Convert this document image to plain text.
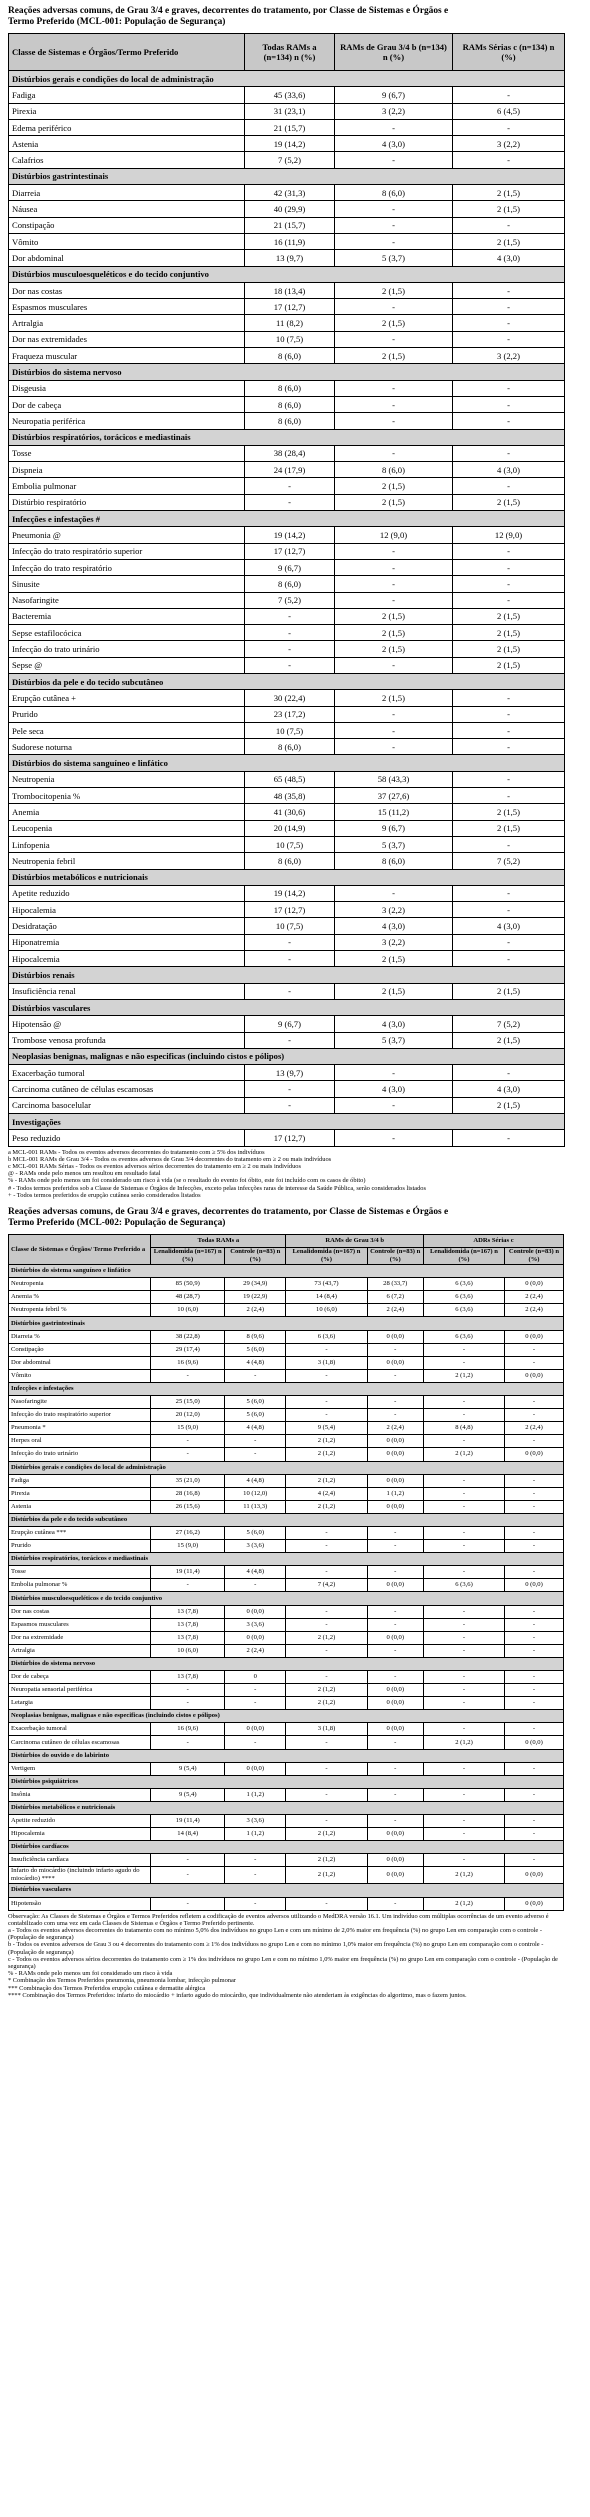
Reações adversas comuns, de Grau 3/4 e graves, decorrentes do tratamento, por Classe de Sistemas e Órgãos e
Termo Preferido (MCL-001: População de Segurança)
Classe de Sistemas e Órgãos/Termo Preferido	Todas RAMs a (n=134) n (%)	RAMs de Grau 3/4 b (n=134) n (%)	RAMs Sérias c (n=134) n (%)
Distúrbios gerais e condições do local de administração			
Fadiga	45 (33,6)	9 (6,7)	-
Pirexia	31 (23,1)	3 (2,2)	6 (4,5)
Edema periférico	21 (15,7)	-	-
Astenia	19 (14,2)	4 (3,0)	3 (2,2)
Calafrios	7 (5,2)	-	-
Distúrbios gastrintestinais			
Diarreia	42 (31,3)	8 (6,0)	2 (1,5)
Náusea	40 (29,9)	-	2 (1,5)
Constipação	21 (15,7)	-	-
Vômito	16 (11,9)	-	2 (1,5)
Dor abdominal	13 (9,7)	5 (3,7)	4 (3,0)
Distúrbios musculoesqueléticos e do tecido conjuntivo			
Dor nas costas	18 (13,4)	2 (1,5)	-
Espasmos musculares	17 (12,7)	-	-
Artralgia	11 (8,2)	2 (1,5)	-
Dor nas extremidades	10 (7,5)	-	-
Fraqueza muscular	8 (6,0)	2 (1,5)	3 (2,2)
Distúrbios do sistema nervoso			
Disgeusia	8 (6,0)	-	-
Dor de cabeça	8 (6,0)	-	-
Neuropatia periférica	8 (6,0)	-	-
Distúrbios respiratórios, torácicos e mediastinais			
Tosse	38 (28,4)	-	-
Dispneia	24 (17,9)	8 (6,0)	4 (3,0)
Embolia pulmonar	-	2 (1,5)	-
Distúrbio respiratório	-	2 (1,5)	2 (1,5)
Infecções e infestações #			
Pneumonia @	19 (14,2)	12 (9,0)	12 (9,0)
Infecção do trato respiratório superior	17 (12,7)	-	-
Infecção do trato respiratório	9 (6,7)	-	-
Sinusite	8 (6,0)	-	-
Nasofaringite	7 (5,2)	-	-
Bacteremia	-	2 (1,5)	2 (1,5)
Sepse estafilocócica	-	2 (1,5)	2 (1,5)
Infecção do trato urinário	-	2 (1,5)	2 (1,5)
Sepse @	-	-	2 (1,5)
Distúrbios da pele e do tecido subcutâneo			
Erupção cutânea +	30 (22,4)	2 (1,5)	-
Prurido	23 (17,2)	-	-
Pele seca	10 (7,5)	-	-
Sudorese noturna	8 (6,0)	-	-
Distúrbios do sistema sanguíneo e linfático			
Neutropenia	65 (48,5)	58 (43,3)	-
Trombocitopenia %	48 (35,8)	37 (27,6)	-
Anemia	41 (30,6)	15 (11,2)	2 (1,5)
Leucopenia	20 (14,9)	9 (6,7)	2 (1,5)
Linfopenia	10 (7,5)	5 (3,7)	-
Neutropenia febril	8 (6,0)	8 (6,0)	7 (5,2)
Distúrbios metabólicos e nutricionais			
Apetite reduzido	19 (14,2)	-	-
Hipocalemia	17 (12,7)	3 (2,2)	-
Desidratação	10 (7,5)	4 (3,0)	4 (3,0)
Hiponatremia	-	3 (2,2)	-
Hipocalcemia	-	2 (1,5)	-
Distúrbios renais			
Insuficiência renal	-	2 (1,5)	2 (1,5)
Distúrbios vasculares			
Hipotensão @	9 (6,7)	4 (3,0)	7 (5,2)
Trombose venosa profunda	-	5 (3,7)	2 (1,5)
Neoplasias benignas, malignas e não especificas (incluindo cistos e pólipos)			
Exacerbação tumoral	13 (9,7)	-	-
Carcinoma cutâneo de células escamosas	-	4 (3,0)	4 (3,0)
Carcinoma basocelular	-	-	2 (1,5)
Investigações			
Peso reduzido	17 (12,7)	-	-
a MCL-001 RAMs - Todos os eventos adversos decorrentes do tratamento com ≥ 5% dos indivíduos
b MCL-001 RAMs de Grau 3/4 - Todos os eventos adversos de Grau 3/4 decorrentes do tratamento em ≥ 2 ou mais indivíduos
c MCL-001 RAMs Sérias - Todos os eventos adversos sérios decorrentes do tratamento em ≥ 2 ou mais indivíduos
@ - RAMs onde pelo menos um resultou em resultado fatal
% - RAMs onde pelo menos um foi considerado um risco à vida (se o resultado do evento foi óbito, este foi incluído com os casos de óbito)
# - Todos termos preferidos sob a Classe de Sistemas e Órgãos de Infecções, exceto pelas infecções raras de interesse da Saúde Pública, serão considerados listados
+ - Todos termos preferidos de erupção cutânea serão considerados listados
Reações adversas comuns, de Grau 3/4 e graves, decorrentes do tratamento, por Classe de Sistemas e Órgãos e
Termo Preferido (MCL-002: População de Segurança)
Classe de Sistemas e Órgãos/ Termo Preferido a	Todas RAMs a		RAMs de Grau 3/4 b		ADRs Sérias c	
	Lenalidomida (n=167) n (%)	Controle (n=83) n (%)	Lenalidomida (n=167) n (%)	Controle (n=83) n (%)	Lenalidomida (n=167) n (%)	Controle (n=83) n (%)
Distúrbios do sistema sanguíneo e linfático						
Neutropenia	85 (50,9)	29 (34,9)	73 (43,7)	28 (33,7)	6 (3,6)	0 (0,0)
Anemia %	48 (28,7)	19 (22,9)	14 (8,4)	6 (7,2)	6 (3,6)	2 (2,4)
Neutropenia febril %	10 (6,0)	2 (2,4)	10 (6,0)	2 (2,4)	6 (3,6)	2 (2,4)
Distúrbios gastrintestinais						
Diarreia %	38 (22,8)	8 (9,6)	6 (3,6)	0 (0,0)	6 (3,6)	0 (0,0)
Constipação	29 (17,4)	5 (6,0)	-	-	-	-
Dor abdominal	16 (9,6)	4 (4,8)	3 (1,8)	0 (0,0)	-	-
Vômito	-	-	-	-	2 (1,2)	0 (0,0)
Infecções e infestações						
Nasofaringite	25 (15,0)	5 (6,0)	-	-	-	-
Infecção do trato respiratório superior	20 (12,0)	5 (6,0)	-	-	-	-
Pneumonia *	15 (9,0)	4 (4,8)	9 (5,4)	2 (2,4)	8 (4,8)	2 (2,4)
Herpes oral	-	-	2 (1,2)	0 (0,0)	-	-
Infecção do trato urinário	-	-	2 (1,2)	0 (0,0)	2 (1,2)	0 (0,0)
Distúrbios gerais e condições do local de administração						
Fadiga	35 (21,0)	4 (4,8)	2 (1,2)	0 (0,0)	-	-
Pirexia	28 (16,8)	10 (12,0)	4 (2,4)	1 (1,2)	-	-
Astenia	26 (15,6)	11 (13,3)	2 (1,2)	0 (0,0)	-	-
Distúrbios da pele e do tecido subcutâneo						
Erupção cutânea ***	27 (16,2)	5 (6,0)	-	-	-	-
Prurido	15 (9,0)	3 (3,6)	-	-	-	-
Distúrbios respiratórios, torácicos e mediastinais						
Tosse	19 (11,4)	4 (4,8)	-	-	-	-
Embolia pulmonar %	-	-	7 (4,2)	0 (0,0)	6 (3,6)	0 (0,0)
Distúrbios musculoesqueléticos e do tecido conjuntivo						
Dor nas costas	13 (7,8)	0 (0,0)	-	-	-	-
Espasmos musculares	13 (7,8)	3 (3,6)	-	-	-	-
Dor na extremidade	13 (7,8)	0 (0,0)	2 (1,2)	0 (0,0)	-	-
Artralgia	10 (6,0)	2 (2,4)	-	-	-	-
Distúrbios do sistema nervoso						
Dor de cabeça	13 (7,8)	0	-	-	-	-
Neuropatia sensorial periférica	-	-	2 (1,2)	0 (0,0)	-	-
Letargia	-	-	2 (1,2)	0 (0,0)	-	-
Neoplasias benignas, malignas e não especificas (incluindo cistos e pólipos)						
Exacerbação tumoral	16 (9,6)	0 (0,0)	3 (1,8)	0 (0,0)	-	-
Carcinoma cutâneo de células escamosas	-	-	-	-	2 (1,2)	0 (0,0)
Distúrbios do ouvido e do labirinto						
Vertigem	9 (5,4)	0 (0,0)	-	-	-	-
Distúrbios psiquiátricos						
Insônia	9 (5,4)	1 (1,2)	-	-	-	-
Distúrbios metabólicos e nutricionais						
Apetite reduzido	19 (11,4)	3 (3,6)	-	-	-	-
Hipocalemia	14 (8,4)	1 (1,2)	2 (1,2)	0 (0,0)	-	-
Distúrbios cardíacos						
Insuficiência cardíaca	-	-	2 (1,2)	0 (0,0)	-	-
Infarto do miocárdio (incluindo infarto agudo do miocárdio) ****	-	-	2 (1,2)	0 (0,0)	2 (1,2)	0 (0,0)
Distúrbios vasculares						
Hipotensão	-	-	-	-	2 (1,2)	0 (0,0)
Observação: As Classes de Sistemas e Órgãos e Termos Preferidos refletem a codificação de eventos adversos utilizando o MedDRA versão 16.1. Um indivíduo com múltiplas ocorrências de um evento adverso é contabilizado com uma vez em cada Classes de Sistemas e Órgãos e Termo Preferido pertinente.
a - Todos os eventos adversos decorrentes do tratamento com no mínimo 5,0% dos indivíduos no grupo Len e com um mínimo de 2,0% maior em frequência (%) no grupo Len em comparação com o controle - (População de segurança)
b - Todos os eventos adversos de Grau 3 ou 4 decorrentes do tratamento com ≥ 1% dos indivíduos no grupo Len e com no mínimo 1,0% maior em frequência (%) no grupo Len em comparação com o controle - (População de segurança)
c - Todos os eventos adversos sérios decorrentes do tratamento com ≥ 1% dos indivíduos no grupo Len e com no mínimo 1,0% maior em frequência (%) no grupo Len em comparação com o controle - (População de segurança)
% - RAMs onde pelo menos um foi considerado um risco à vida
* Combinação dos Termos Preferidos pneumonia, pneumonia lombar, infecção pulmonar
*** Combinação dos Termos Preferidos erupção cutânea e dermatite alérgica
**** Combinação dos Termos Preferidos: infarto do miocárdio + infarto agudo do miocárdio, que individualmente não atenderiam às exigências do algoritmo, mas o fazem juntos.
